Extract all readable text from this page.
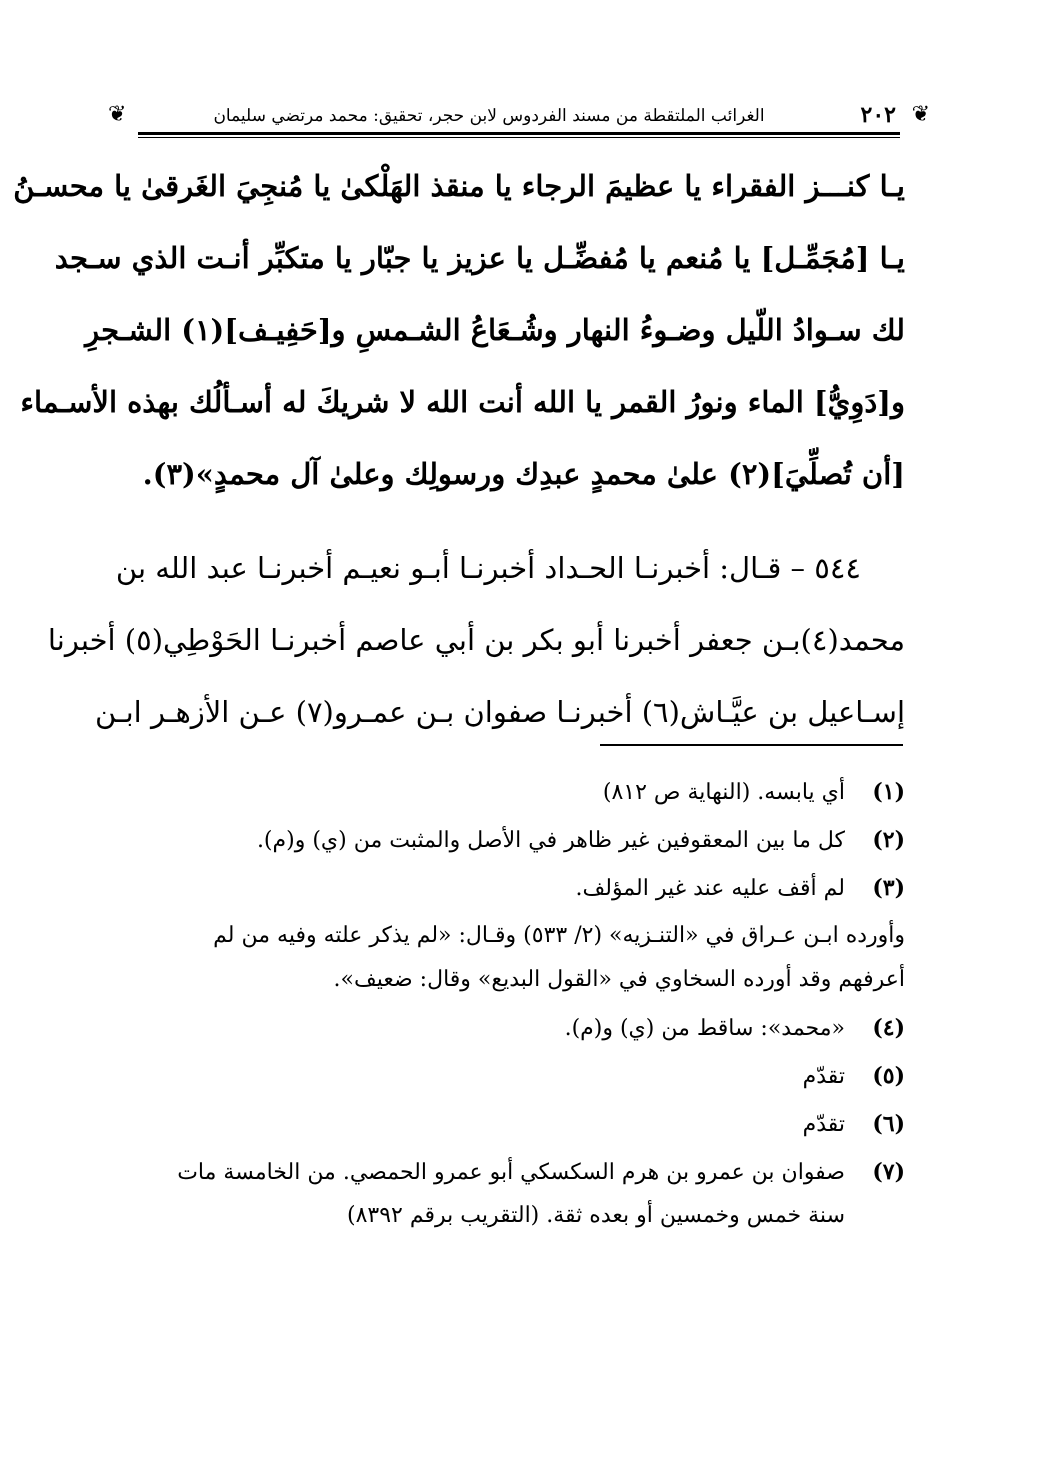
❦
٢٠٢
الغرائب الملتقطة من مسند الفردوس لابن حجر، تحقيق: محمد مرتضي سليمان
❦
يـا كنـــز الفقراء يا عظيمَ الرجاء يا منقذ الهَلْكىٰ يا مُنجِيَ الغَرقىٰ يا محسـنُ
يـا [مُجَمِّـل] يا مُنعم يا مُفضِّـل يا عزيز يا جبّار يا متكبِّر أنـت الذي سـجد
لك سـوادُ اللّيل وضـوءُ النهار وشُـعَاعُ الشـمسِ و[حَفِيـف](١) الشـجرِ
و[دَوِيُّ] الماء ونورُ القمر يا الله أنت الله لا شريكَ له أسـألُك بهذه الأسـماء
[أن تُصلِّيَ](٢) علىٰ محمدٍ عبدِك ورسولِك وعلىٰ آل محمدٍ»(٣).
٥٤٤ – قـال: أخبرنـا الحـداد أخبرنـا أبـو نعيـم أخبرنـا عبد الله بن
محمد(٤)بـن جعفر أخبرنا أبو بكر بن أبي عاصم أخبرنـا الحَوْطِي(٥) أخبرنا
إسـاعيل بن عيَّـاش(٦) أخبرنـا صفوان بـن عمـرو(٧) عـن الأزهـر ابـن
(١)
أي يابسه. (النهاية ص ٨١٢)
(٢)
كل ما بين المعقوفين غير ظاهر في الأصل والمثبت من (ي) و(م).
(٣)
لم أقف عليه عند غير المؤلف.
وأورده ابـن عـراق في «التنـزيه» (٢/ ٥٣٣) وقـال: «لم يذكر علته وفيه من لم
أعرفهم وقد أورده السخاوي في «القول البديع» وقال: ضعيف».
(٤)
«محمد»: ساقط من (ي) و(م).
(٥)
تقدّم
(٦)
تقدّم
(٧)
صفوان بن عمرو بن هرم السكسكي أبو عمرو الحمصي. من الخامسة مات
سنة خمس وخمسين أو بعده ثقة. (التقريب برقم ٨٣٩٢)
